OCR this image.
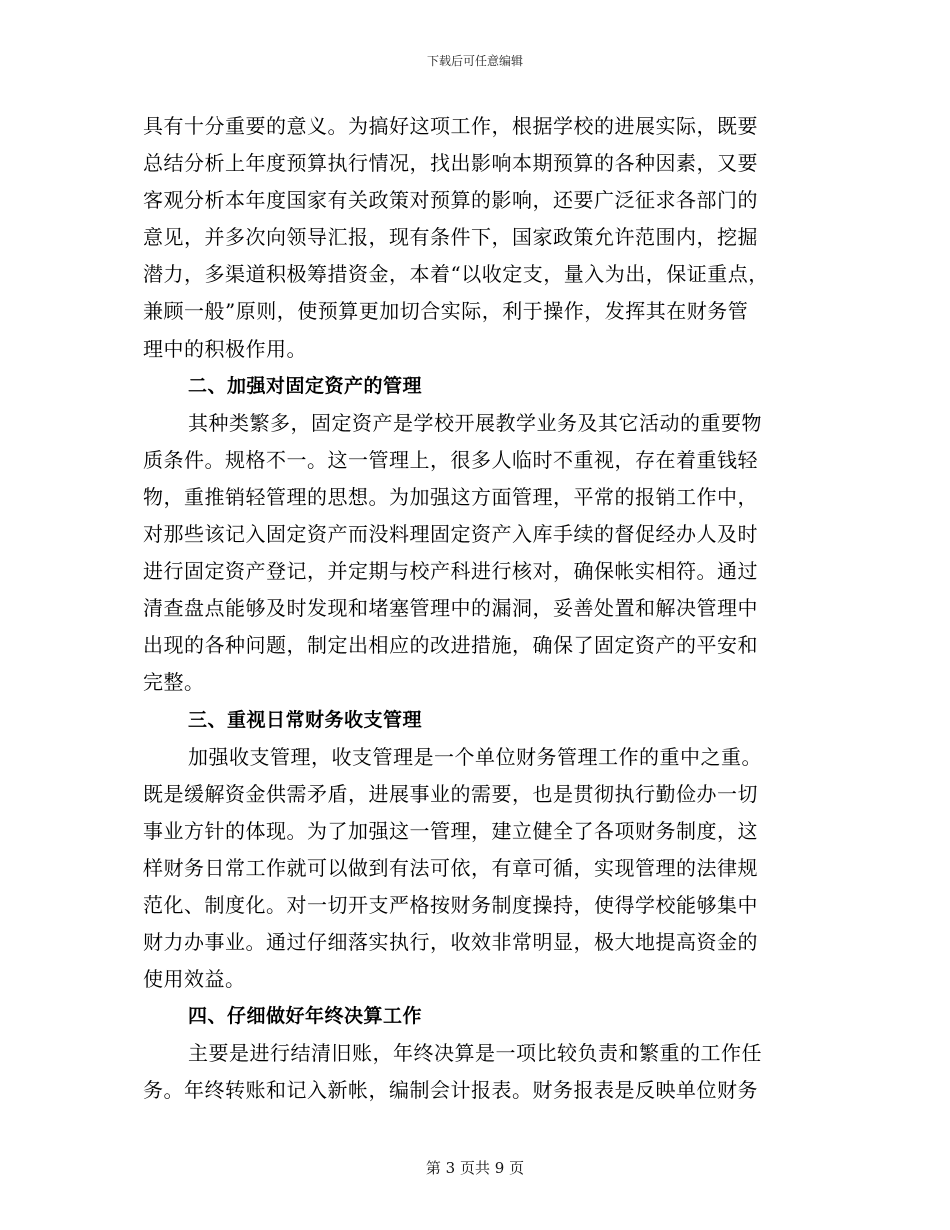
下载后可任意编辑
具有十分重要的意义。为搞好这项工作，根据学校的进展实际，既要
总结分析上年度预算执行情况，找出影响本期预算的各种因素，又要
客观分析本年度国家有关政策对预算的影响，还要广泛征求各部门的
意见，并多次向领导汇报，现有条件下，国家政策允许范围内，挖掘
潜力，多渠道积极筹措资金，本着“以收定支，量入为出，保证重点，
兼顾一般”原则，使预算更加切合实际，利于操作，发挥其在财务管
理中的积极作用。
二、加强对固定资产的管理
其种类繁多，固定资产是学校开展教学业务及其它活动的重要物
质条件。规格不一。这一管理上，很多人临时不重视，存在着重钱轻
物，重推销轻管理的思想。为加强这方面管理，平常的报销工作中，
对那些该记入固定资产而没料理固定资产入库手续的督促经办人及时
进行固定资产登记，并定期与校产科进行核对，确保帐实相符。通过
清查盘点能够及时发现和堵塞管理中的漏洞，妥善处置和解决管理中
出现的各种问题，制定出相应的改进措施，确保了固定资产的平安和
完整。
三、重视日常财务收支管理
加强收支管理，收支管理是一个单位财务管理工作的重中之重。
既是缓解资金供需矛盾，进展事业的需要，也是贯彻执行勤俭办一切
事业方针的体现。为了加强这一管理，建立健全了各项财务制度，这
样财务日常工作就可以做到有法可依，有章可循，实现管理的法律规
范化、制度化。对一切开支严格按财务制度操持，使得学校能够集中
财力办事业。通过仔细落实执行，收效非常明显，极大地提高资金的
使用效益。
四、仔细做好年终决算工作
主要是进行结清旧账，年终决算是一项比较负责和繁重的工作任
务。年终转账和记入新帐，编制会计报表。财务报表是反映单位财务
第 3 页共 9 页
